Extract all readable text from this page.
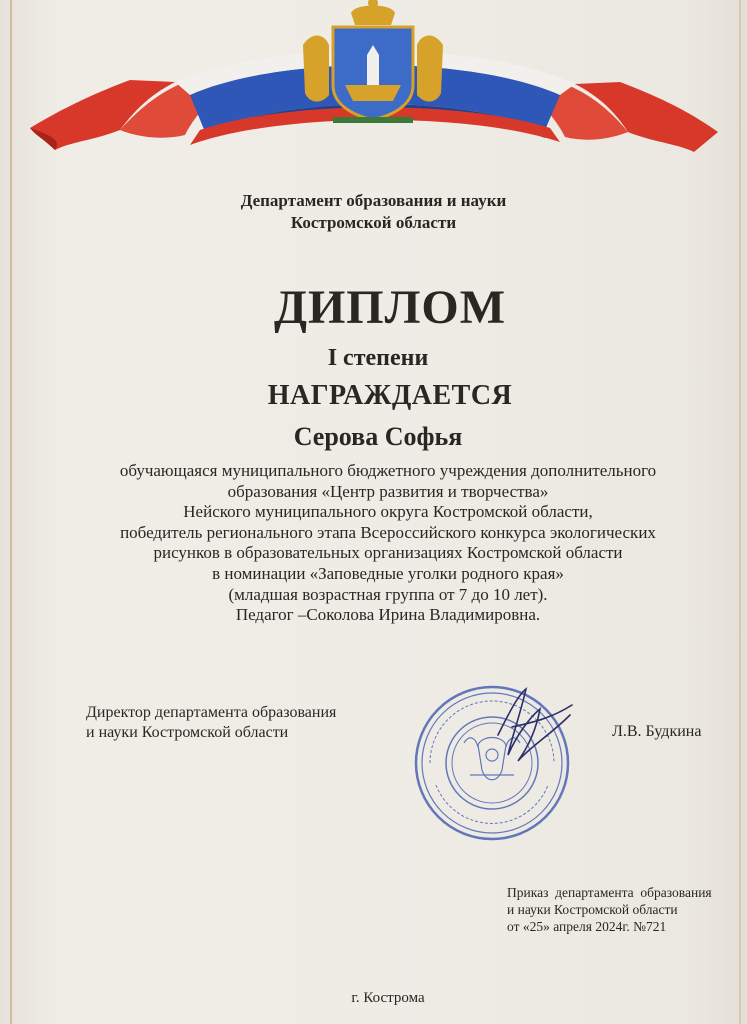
Департамент образования и науки
Костромской области
ДИПЛОМ
I степени
НАГРАЖДАЕТСЯ
Серова Софья
обучающаяся муниципального бюджетного учреждения дополнительного
образования «Центр развития и творчества»
Нейского муниципального округа Костромской области,
победитель регионального этапа Всероссийского конкурса экологических
рисунков в образовательных организациях Костромской области
в номинации «Заповедные уголки родного края»
(младшая возрастная группа от 7 до 10 лет).
Педагог –Соколова Ирина Владимировна.
Директор департамента образования
и науки Костромской области	Л.В. Будкина
Приказ  департамента  образования
и науки Костромской области
от «25» апреля 2024г. №721
г. Кострома
